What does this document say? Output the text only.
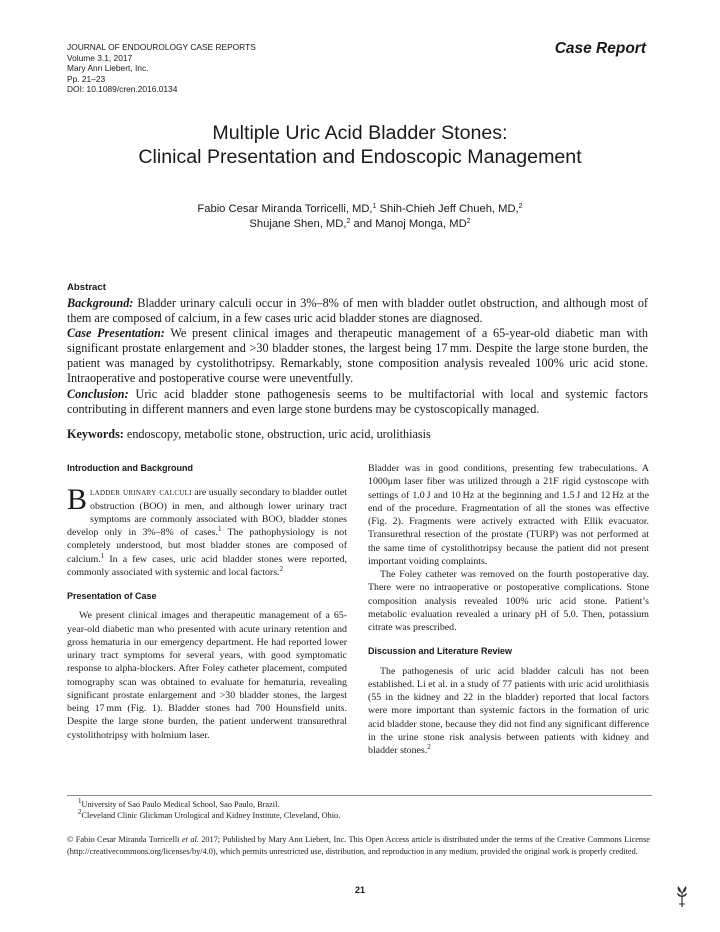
JOURNAL OF ENDOUROLOGY CASE REPORTS
Volume 3.1, 2017
Mary Ann Liebert, Inc.
Pp. 21–23
DOI: 10.1089/cren.2016.0134
Case Report
Multiple Uric Acid Bladder Stones:
Clinical Presentation and Endoscopic Management
Fabio Cesar Miranda Torricelli, MD,$^1$ Shih-Chieh Jeff Chueh, MD,$^2$
Shujane Shen, MD,$^2$ and Manoj Monga, $MD^2$
Abstract

Background: Bladder urinary calculi occur in 3%–8% of men with bladder outlet obstruction, and although most of them are composed of calcium, in a few cases uric acid bladder stones are diagnosed.

Case Presentation: We present clinical images and therapeutic management of a 65-year-old diabetic man with significant prostate enlargement and >30 bladder stones, the largest being 17 mm. Despite the large stone burden, the patient was managed by cystolithotripsy. Remarkably, stone composition analysis revealed 100% uric acid stone. Intraoperative and postoperative course were uneventfully.

Conclusion: Uric acid bladder stone pathogenesis seems to be multifactorial with local and systemic factors contributing in different manners and even large stone burdens may be cystoscopically managed.

Keywords: endoscopy, metabolic stone, obstruction, uric acid, urolithiasis

Introduction and Background

Bladder urinary calculi are usually secondary to bladder outlet obstruction (BOO) in men, and although lower urinary tract symptoms are commonly associated with BOO, bladder stones develop only in 3%–8% of cases.$^1$ The pathophysiology is not completely understood, but most bladder stones are composed of calcium.$^1$ In a few cases, uric acid bladder stones were reported, commonly associated with systemic and local factors.$^2$

Presentation of Case

We present clinical images and therapeutic management of a 65-year-old diabetic man who presented with acute urinary retention and gross hematuria in our emergency department. He had reported lower urinary tract symptoms for several years, with good symptomatic response to alpha-blockers. After Foley catheter placement, computed tomography scan was obtained to evaluate for hematuria, revealing significant prostate enlargement and >30 bladder stones, the largest being 17 mm (Fig. 1). Bladder stones had 700 Hounsfield units. Despite the large stone burden, the patient underwent transurethral cystolithotripsy with holmium laser.

Bladder was in good conditions, presenting few trabeculations. A 1000μm laser fiber was utilized through a 21F rigid cystoscope with settings of 1.0 J and 10 Hz at the beginning and 1.5 J and 12 Hz at the end of the procedure. Fragmentation of all the stones was effective (Fig. 2). Fragments were actively extracted with Ellik evacuator. Transurethral resection of the prostate (TURP) was not performed at the same time of cystolithotripsy because the patient did not present important voiding complaints.

The Foley catheter was removed on the fourth postoperative day. There were no intraoperative or postoperative complications. Stone composition analysis revealed 100% uric acid stone. Patient’s metabolic evaluation revealed a urinary pH of 5.0. Then, potassium citrate was prescribed.

Discussion and Literature Review

The pathogenesis of uric acid bladder calculi has not been established. Li et al. in a study of 77 patients with uric acid urolithiasis (55 in the kidney and 22 in the bladder) reported that local factors were more important than systemic factors in the formation of uric acid bladder stone, because they did not find any significant difference in the urine stone risk analysis between patients with kidney and bladder stones.$^2$

$^1$University of Sao Paulo Medical School, Sao Paulo, Brazil.
$^2$Cleveland Clinic Glickman Urological and Kidney Institute, Cleveland, Ohio.
© Fabio Cesar Miranda Torricelli et al. 2017; Published by Mary Ann Liebert, Inc. This Open Access article is distributed under the terms of the Creative Commons License (http://creativecommons.org/licenses/by/4.0), which permits unrestricted use, distribution, and reproduction in any medium, provided the original work is properly credited.
21
